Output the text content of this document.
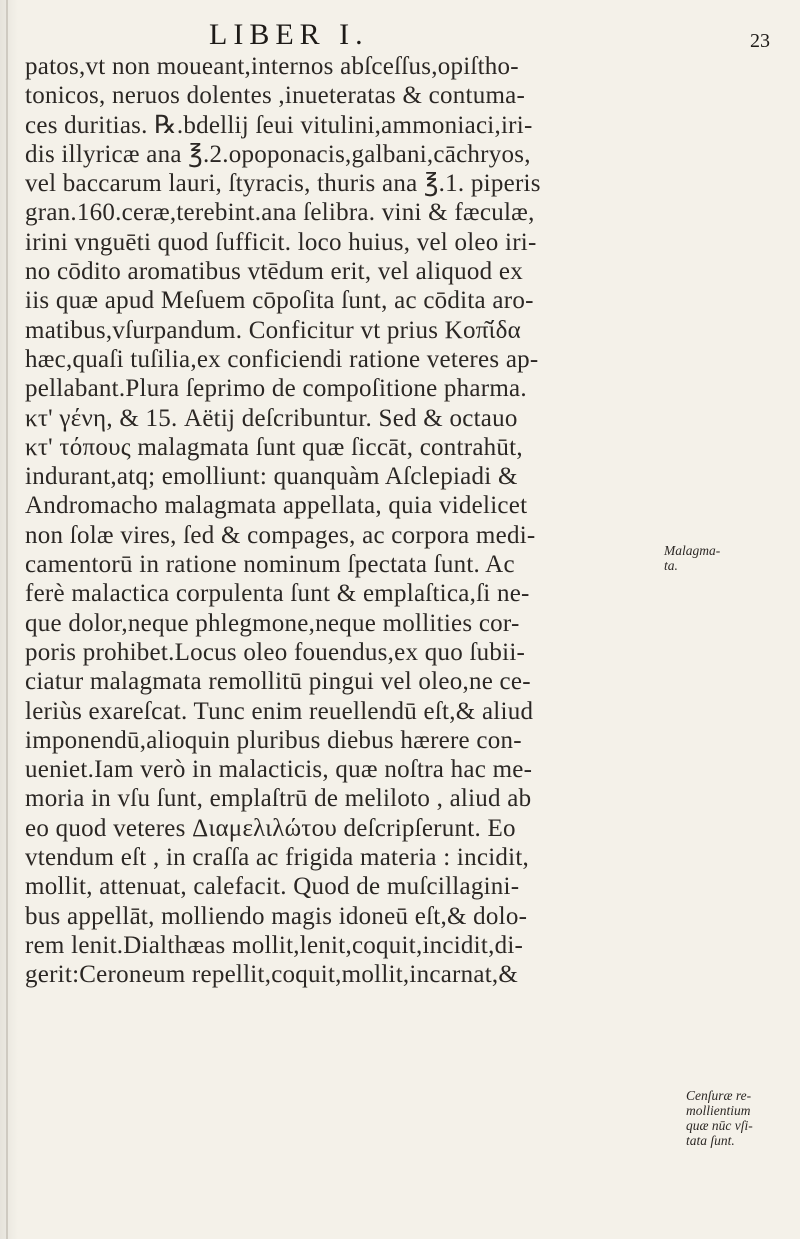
LIBER I.	23
patos,vt non moueant,internos abſceſſus,opiſtho-
tonicos, neruos dolentes ,inueteratas & contuma-
ces duritias. ℞.bdellij ſeui vitulini,ammoniaci,iri-
dis illyricæ ana ℥.2.opoponacis,galbani,cāchryos,
vel baccarum lauri, ſtyracis, thuris ana ℥.1. piperis
gran.160.ceræ,terebint.ana ſelibra. vini & fæculæ,
irini vnguēti quod ſufficit. loco huius, vel oleo iri-
no cōdito aromatibus vtēdum erit, vel aliquod ex
iis quæ apud Meſuem cōpoſita ſunt, ac cōdita aro-
matibus,vſurpandum. Conficitur vt prius Κοπ͂ίδα
hæc,quaſi tuſilia,ex conficiendi ratione veteres ap-
pellabant.Plura ſeprimo de compoſitione pharma.
κτ' γένη, & 15. Aëtij deſcribuntur. Sed & octauo
κτ' τόπους malagmata ſunt quæ ſiccāt, contrahūt,
indurant,atq; emolliunt: quanquàm Aſclepiadi &
Andromacho malagmata appellata, quia videlicet
non ſolæ vires, ſed & compages, ac corpora medi-
camentorū in ratione nominum ſpectata ſunt. Ac
ferè malactica corpulenta ſunt & emplaſtica,ſi ne-
que dolor,neque phlegmone,neque mollities cor-
poris prohibet.Locus oleo fouendus,ex quo ſubii-
ciatur malagmata remollitū pingui vel oleo,ne ce-
leriùs exareſcat. Tunc enim reuellendū eſt,& aliud
imponendū,alioquin pluribus diebus hærere con-
ueniet.Iam verò in malacticis, quæ noſtra hac me-
moria in vſu ſunt, emplaſtrū de meliloto , aliud ab
eo quod veteres Διαμελιλώτου deſcripſerunt. Eo
vtendum eſt , in craſſa ac frigida materia : incidit,
mollit, attenuat, calefacit. Quod de muſcillagini-
bus appellāt, molliendo magis idoneū eſt,& dolo-
rem lenit.Dialthæas mollit,lenit,coquit,incidit,di-
gerit:Ceroneum repellit,coquit,mollit,incarnat,&
Malagma-
ta.
Cenſuræ re-
mollientium
quæ nūc vſi-
tata ſunt.
